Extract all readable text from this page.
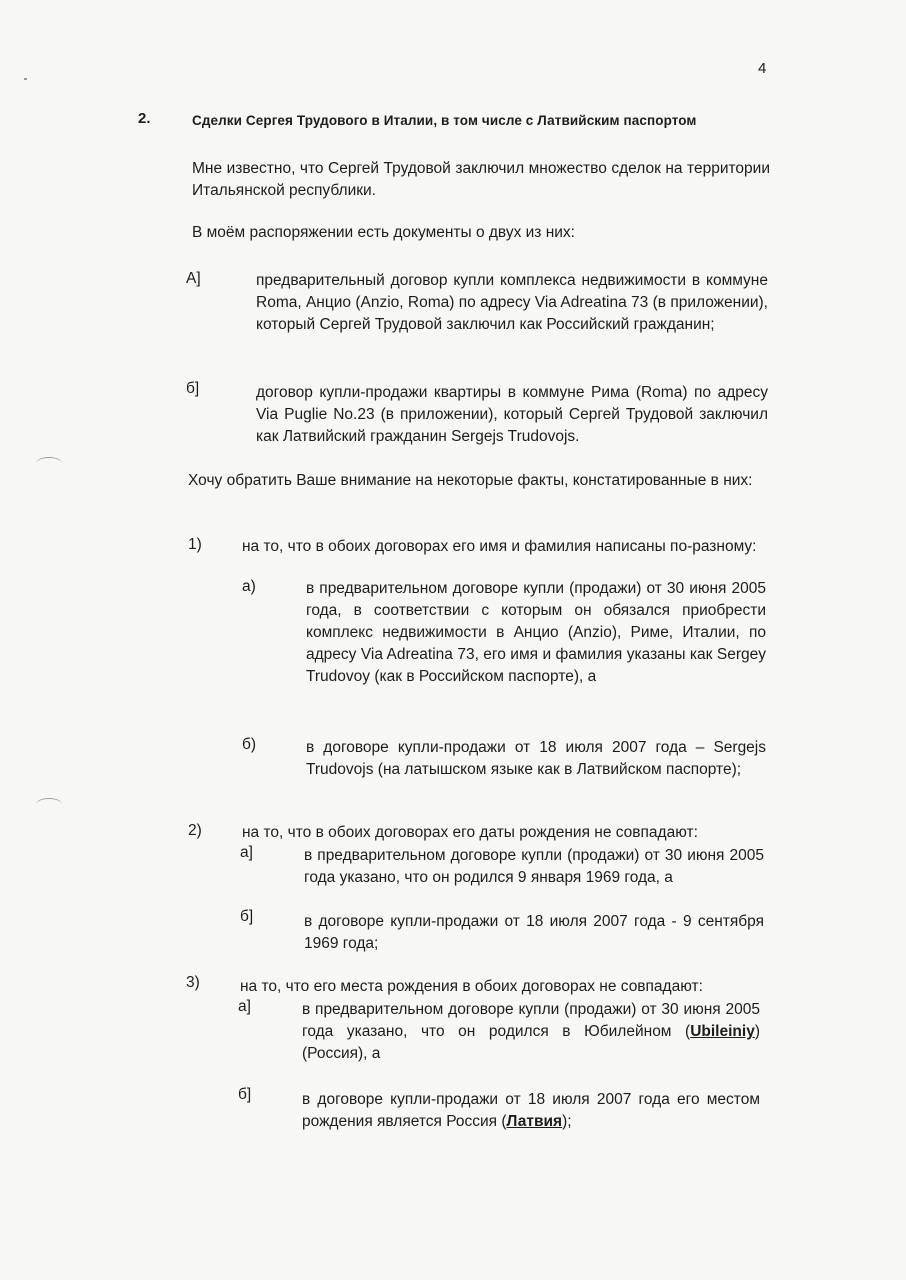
4
2.	Сделки Сергея Трудового в Италии, в том числе с Латвийским паспортом
Мне известно, что Сергей Трудовой заключил множество сделок на территории Итальянской республики.
В моём распоряжении есть документы о двух из них:
A]	предварительный договор купли комплекса недвижимости в коммуне Roma, Анцио (Anzio, Roma) по адресу Via Adreatina 73 (в приложении), который Сергей Трудовой заключил как Российский гражданин;
б]	договор купли-продажи квартиры в коммуне Рима (Roma) по адресу Via Puglie No.23 (в приложении), который Сергей Трудовой заключил как Латвийский гражданин Sergejs Trudovojs.
Хочу обратить Ваше внимание на некоторые факты, констатированные в них:
1)	на то, что в обоих договорах его имя и фамилия написаны по-разному:
а)	в предварительном договоре купли (продажи) от 30 июня 2005 года, в соответствии с которым он обязался приобрести комплекс недвижимости в Анцио (Anzio), Риме, Италии, по адресу Via Adreatina 73, его имя и фамилия указаны как Sergey Trudovoy (как в Российском паспорте), а
б)	в договоре купли-продажи от 18 июля 2007 года – Sergejs Trudovojs (на латышском языке как в Латвийском паспорте);
2)	на то, что в обоих договорах его даты рождения не совпадают:
а]	в предварительном договоре купли (продажи) от 30 июня 2005 года указано, что он родился 9 января 1969 года, а
б]	в договоре купли-продажи от 18 июля 2007 года - 9 сентября 1969 года;
3)	на то, что его места рождения в обоих договорах не совпадают:
а]	в предварительном договоре купли (продажи) от 30 июня 2005 года указано, что он родился в Юбилейном (Ubileiniy) (Россия), а
б]	в договоре купли-продажи от 18 июля 2007 года его местом рождения является Россия (Латвия);
